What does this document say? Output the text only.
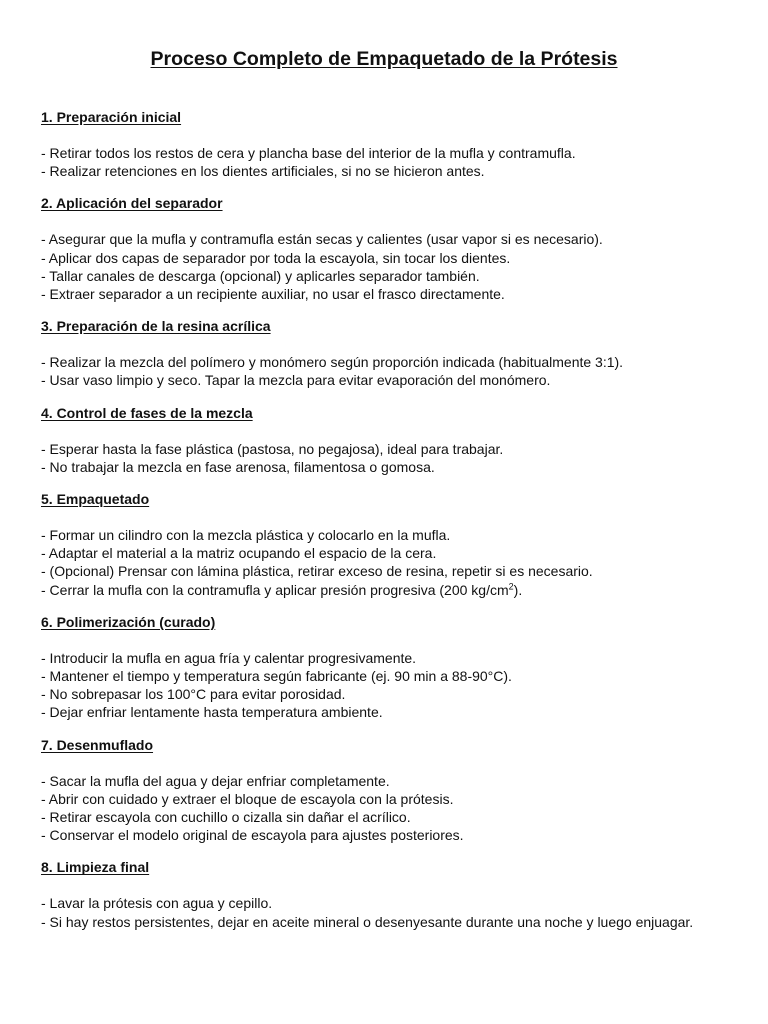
Proceso Completo de Empaquetado de la Prótesis
1. Preparación inicial
- Retirar todos los restos de cera y plancha base del interior de la mufla y contramufla.
- Realizar retenciones en los dientes artificiales, si no se hicieron antes.
2. Aplicación del separador
- Asegurar que la mufla y contramufla están secas y calientes (usar vapor si es necesario).
- Aplicar dos capas de separador por toda la escayola, sin tocar los dientes.
- Tallar canales de descarga (opcional) y aplicarles separador también.
- Extraer separador a un recipiente auxiliar, no usar el frasco directamente.
3. Preparación de la resina acrílica
- Realizar la mezcla del polímero y monómero según proporción indicada (habitualmente 3:1).
- Usar vaso limpio y seco. Tapar la mezcla para evitar evaporación del monómero.
4. Control de fases de la mezcla
- Esperar hasta la fase plástica (pastosa, no pegajosa), ideal para trabajar.
- No trabajar la mezcla en fase arenosa, filamentosa o gomosa.
5. Empaquetado
- Formar un cilindro con la mezcla plástica y colocarlo en la mufla.
- Adaptar el material a la matriz ocupando el espacio de la cera.
- (Opcional) Prensar con lámina plástica, retirar exceso de resina, repetir si es necesario.
- Cerrar la mufla con la contramufla y aplicar presión progresiva (200 $kg/cm^2$).
6. Polimerización (curado)
- Introducir la mufla en agua fría y calentar progresivamente.
- Mantener el tiempo y temperatura según fabricante (ej. 90 min a 88-90°C).
- No sobrepasar los 100°C para evitar porosidad.
- Dejar enfriar lentamente hasta temperatura ambiente.
7. Desenmuflado
- Sacar la mufla del agua y dejar enfriar completamente.
- Abrir con cuidado y extraer el bloque de escayola con la prótesis.
- Retirar escayola con cuchillo o cizalla sin dañar el acrílico.
- Conservar el modelo original de escayola para ajustes posteriores.
8. Limpieza final
- Lavar la prótesis con agua y cepillo.
- Si hay restos persistentes, dejar en aceite mineral o desenyesante durante una noche y luego enjuagar.
